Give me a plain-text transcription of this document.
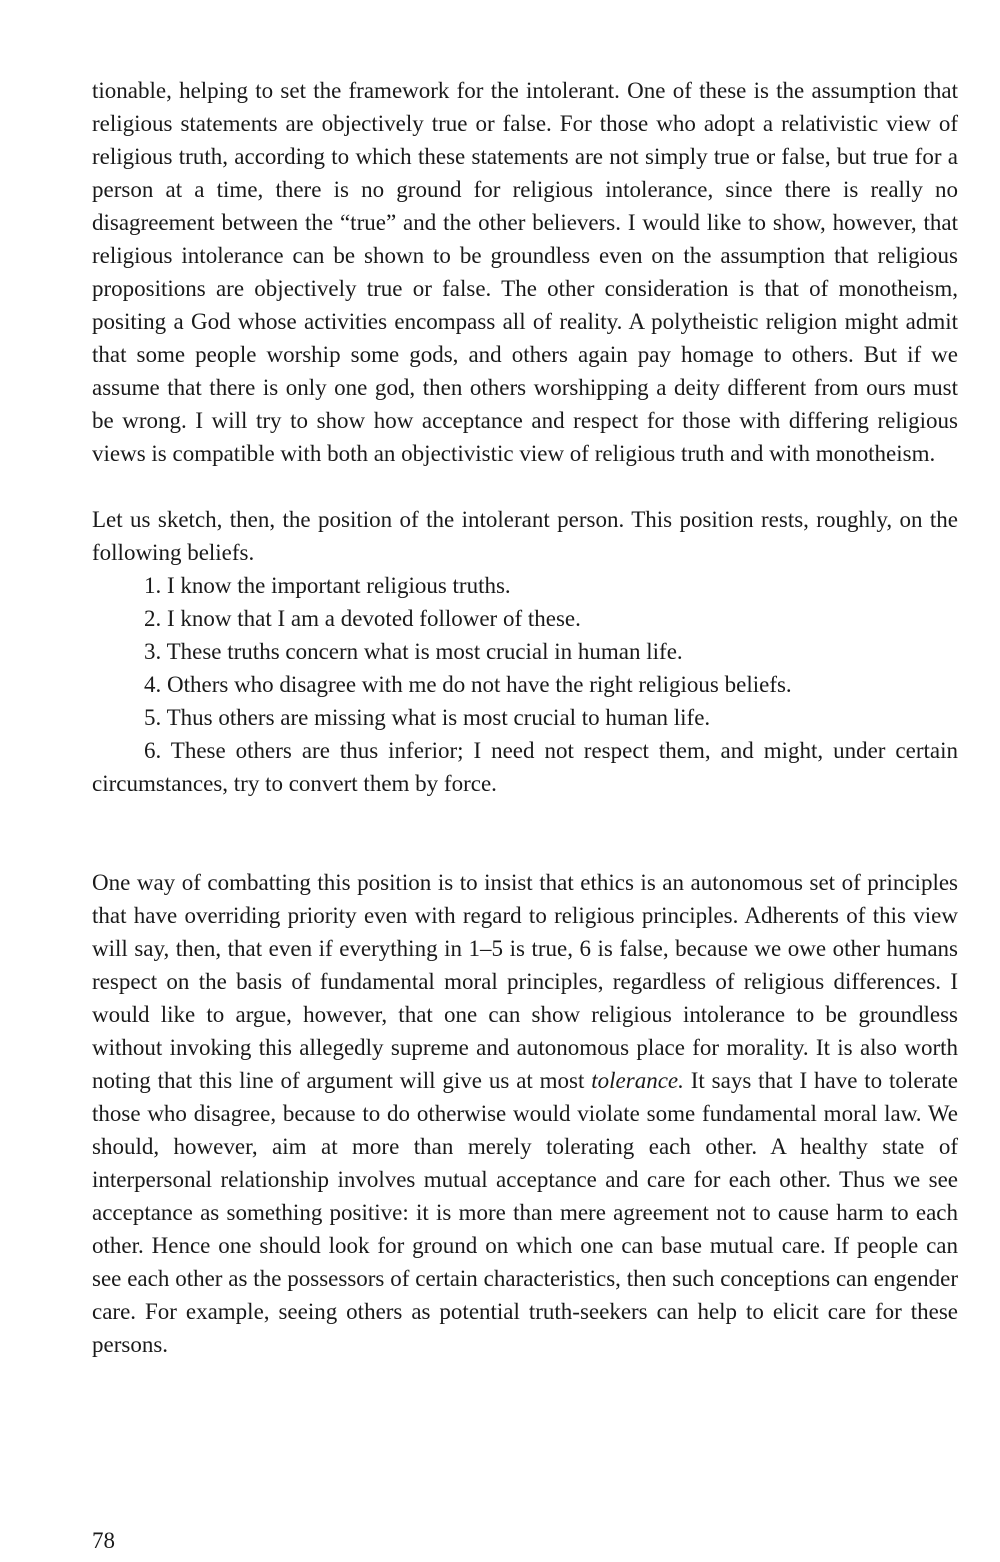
tionable, helping to set the framework for the intolerant. One of these is the assumption that religious statements are objectively true or false. For those who adopt a relativistic view of religious truth, according to which these statements are not simply true or false, but true for a person at a time, there is no ground for religious intolerance, since there is really no disagreement between the “true” and the other believers. I would like to show, however, that religious intolerance can be shown to be groundless even on the assumption that religious propositions are objectively true or false. The other consideration is that of monotheism, positing a God whose activities encompass all of reality. A polytheistic religion might admit that some people worship some gods, and others again pay homage to others. But if we assume that there is only one god, then others worshipping a deity different from ours must be wrong. I will try to show how acceptance and respect for those with differing religious views is compatible with both an objectivistic view of religious truth and with monotheism.

Let us sketch, then, the position of the intolerant person. This position rests, roughly, on the following beliefs.

1. I know the important religious truths.
2. I know that I am a devoted follower of these.
3. These truths concern what is most crucial in human life.
4. Others who disagree with me do not have the right religious beliefs.
5. Thus others are missing what is most crucial to human life.
6. These others are thus inferior; I need not respect them, and might, under certain circumstances, try to convert them by force.

One way of combatting this position is to insist that ethics is an autonomous set of principles that have overriding priority even with regard to religious principles. Adherents of this view will say, then, that even if everything in 1–5 is true, 6 is false, because we owe other humans respect on the basis of fundamental moral principles, regardless of religious differences. I would like to argue, however, that one can show religious intolerance to be groundless without invoking this allegedly supreme and autonomous place for morality. It is also worth noting that this line of argument will give us at most tolerance. It says that I have to tolerate those who disagree, because to do otherwise would violate some fundamental moral law. We should, however, aim at more than merely tolerating each other. A healthy state of interpersonal relationship involves mutual acceptance and care for each other. Thus we see acceptance as something positive: it is more than mere agreement not to cause harm to each other. Hence one should look for ground on which one can base mutual care. If people can see each other as the possessors of certain characteristics, then such conceptions can engender care. For example, seeing others as potential truth-seekers can help to elicit care for these persons.

78
